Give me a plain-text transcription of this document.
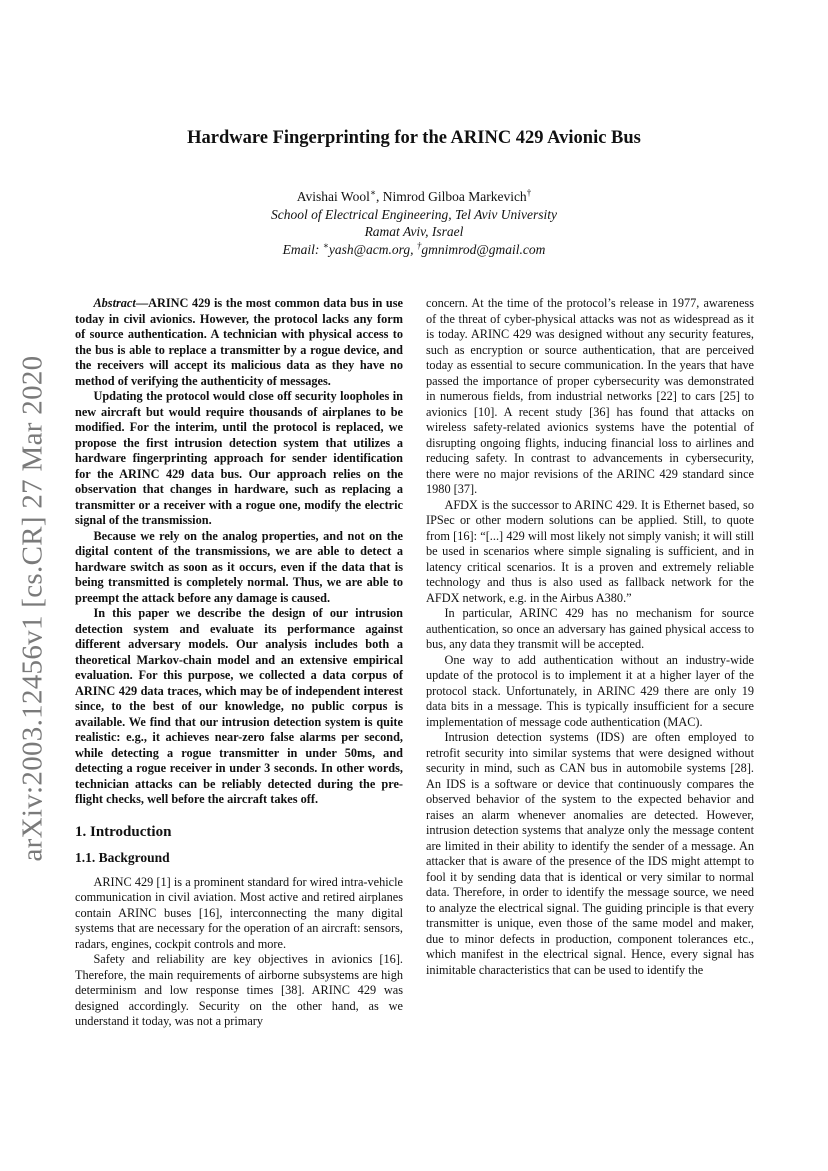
arXiv:2003.12456v1 [cs.CR] 27 Mar 2020
Hardware Fingerprinting for the ARINC 429 Avionic Bus
Avishai Wool∗, Nimrod Gilboa Markevich†
School of Electrical Engineering, Tel Aviv University
Ramat Aviv, Israel
Email: ∗yash@acm.org, †gmnimrod@gmail.com

Abstract—ARINC 429 is the most common data bus in use today in civil avionics. However, the protocol lacks any form of source authentication. A technician with physical access to the bus is able to replace a transmitter by a rogue device, and the receivers will accept its malicious data as they have no method of verifying the authenticity of messages.

Updating the protocol would close off security loopholes in new aircraft but would require thousands of airplanes to be modified. For the interim, until the protocol is replaced, we propose the first intrusion detection system that utilizes a hardware fingerprinting approach for sender identification for the ARINC 429 data bus. Our approach relies on the observation that changes in hardware, such as replacing a transmitter or a receiver with a rogue one, modify the electric signal of the transmission.

Because we rely on the analog properties, and not on the digital content of the transmissions, we are able to detect a hardware switch as soon as it occurs, even if the data that is being transmitted is completely normal. Thus, we are able to preempt the attack before any damage is caused.

In this paper we describe the design of our intrusion detection system and evaluate its performance against different adversary models. Our analysis includes both a theoretical Markov-chain model and an extensive empirical evaluation. For this purpose, we collected a data corpus of ARINC 429 data traces, which may be of independent interest since, to the best of our knowledge, no public corpus is available. We find that our intrusion detection system is quite realistic: e.g., it achieves near-zero false alarms per second, while detecting a rogue transmitter in under 50ms, and detecting a rogue receiver in under 3 seconds. In other words, technician attacks can be reliably detected during the pre-flight checks, well before the aircraft takes off.

1. Introduction
1.1. Background

ARINC 429 [1] is a prominent standard for wired intra-vehicle communication in civil aviation. Most active and retired airplanes contain ARINC buses [16], interconnecting the many digital systems that are necessary for the operation of an aircraft: sensors, radars, engines, cockpit controls and more.

Safety and reliability are key objectives in avionics [16]. Therefore, the main requirements of airborne subsystems are high determinism and low response times [38]. ARINC 429 was designed accordingly. Security on the other hand, as we understand it today, was not a primary

concern. At the time of the protocol’s release in 1977, awareness of the threat of cyber-physical attacks was not as widespread as it is today. ARINC 429 was designed without any security features, such as encryption or source authentication, that are perceived today as essential to secure communication. In the years that have passed the importance of proper cybersecurity was demonstrated in numerous fields, from industrial networks [22] to cars [25] to avionics [10]. A recent study [36] has found that attacks on wireless safety-related avionics systems have the potential of disrupting ongoing flights, inducing financial loss to airlines and reducing safety. In contrast to advancements in cybersecurity, there were no major revisions of the ARINC 429 standard since 1980 [37].

AFDX is the successor to ARINC 429. It is Ethernet based, so IPSec or other modern solutions can be applied. Still, to quote from [16]: “[...] 429 will most likely not simply vanish; it will still be used in scenarios where simple signaling is sufficient, and in latency critical scenarios. It is a proven and extremely reliable technology and thus is also used as fallback network for the AFDX network, e.g. in the Airbus A380.”

In particular, ARINC 429 has no mechanism for source authentication, so once an adversary has gained physical access to bus, any data they transmit will be accepted.

One way to add authentication without an industry-wide update of the protocol is to implement it at a higher layer of the protocol stack. Unfortunately, in ARINC 429 there are only 19 data bits in a message. This is typically insufficient for a secure implementation of message code authentication (MAC).

Intrusion detection systems (IDS) are often employed to retrofit security into similar systems that were designed without security in mind, such as CAN bus in automobile systems [28]. An IDS is a software or device that continuously compares the observed behavior of the system to the expected behavior and raises an alarm whenever anomalies are detected. However, intrusion detection systems that analyze only the message content are limited in their ability to identify the sender of a message. An attacker that is aware of the presence of the IDS might attempt to fool it by sending data that is identical or very similar to normal data. Therefore, in order to identify the message source, we need to analyze the electrical signal. The guiding principle is that every transmitter is unique, even those of the same model and maker, due to minor defects in production, component tolerances etc., which manifest in the electrical signal. Hence, every signal has inimitable characteristics that can be used to identify the
